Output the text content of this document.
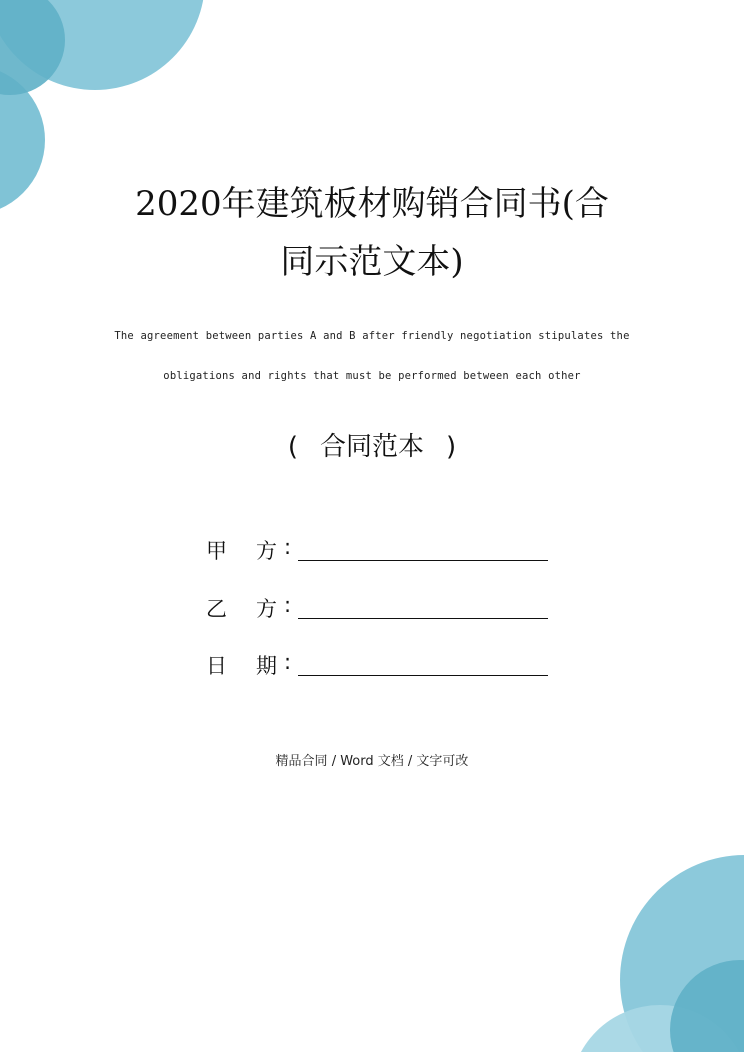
2020年建筑板材购销合同书(合
同示范文本)
The agreement between parties A and B after friendly negotiation stipulates the
obligations and rights that must be performed between each other
( 合同范本 )
甲 方 :
乙 方 :
日 期 :
精品合同 / Word 文档 / 文字可改
